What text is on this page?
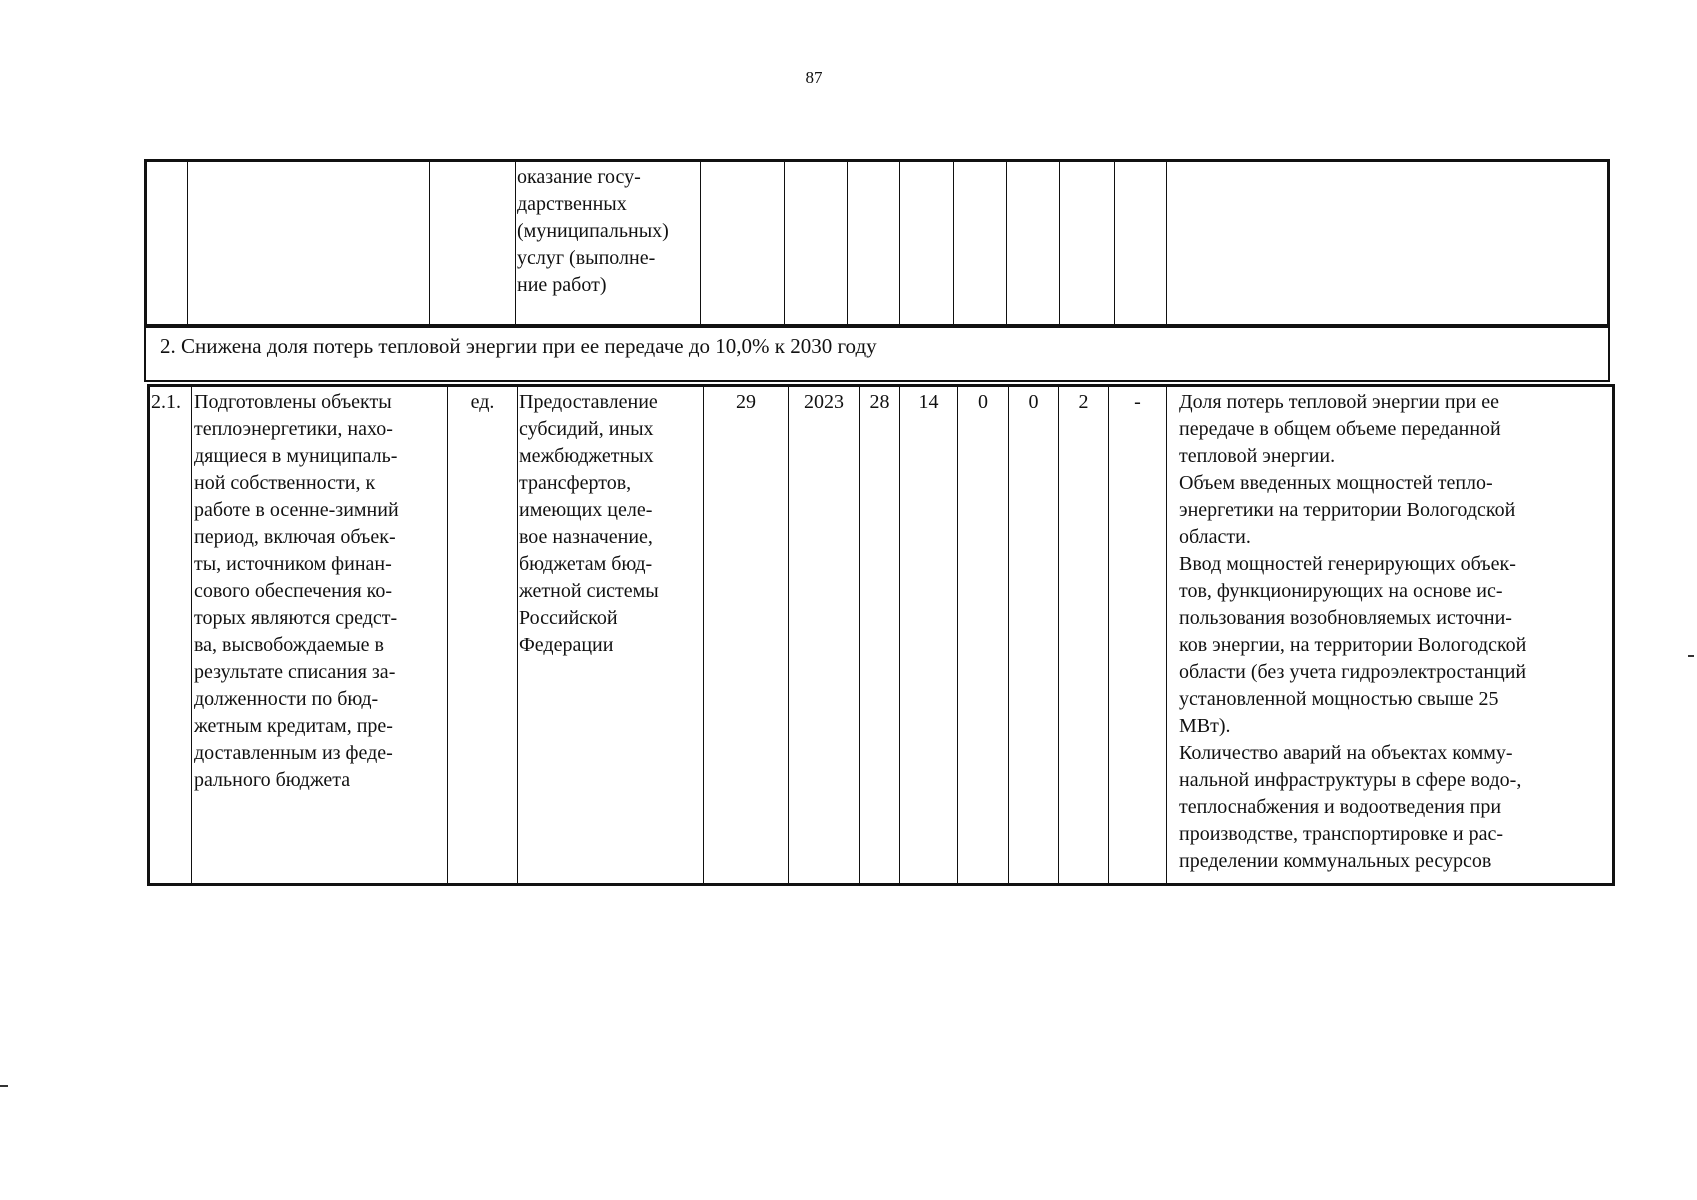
87
			оказание госу-
дарственных
(муниципальных)
услуг (выполне-
ние работ)									
2. Снижена доля потерь тепловой энергии при ее передаче до 10,0% к 2030 году
2.1.	Подготовлены объекты теплоэнергетики, нахо-
дящиеся в муниципаль-
ной собственности, к
работе в осенне-зимний
период, включая объек-
ты, источником финан-
сового обеспечения ко-
торых являются средст-
ва, высвобождаемые в
результате списания за-
долженности по бюд-
жетным кредитам, пре-
доставленным из феде-
рального бюджета	ед.	Предоставление
субсидий, иных
межбюджетных
трансфертов,
имеющих целе-
вое назначение,
бюджетам бюд-
жетной системы
Российской
Федерации	29	2023	28	14	0	0	2	-	Доля потерь тепловой энергии при ее
передаче в общем объеме переданной
тепловой энергии.
Объем введенных мощностей тепло-
энергетики на территории Вологодской
области.
Ввод мощностей генерирующих объек-
тов, функционирующих на основе ис-
пользования возобновляемых источни-
ков энергии, на территории Вологодской
области (без учета гидроэлектростанций
установленной мощностью свыше 25
МВт).
Количество аварий на объектах комму-
нальной инфраструктуры в сфере водо-,
теплоснабжения и водоотведения при
производстве, транспортировке и рас-
пределении коммунальных ресурсов
